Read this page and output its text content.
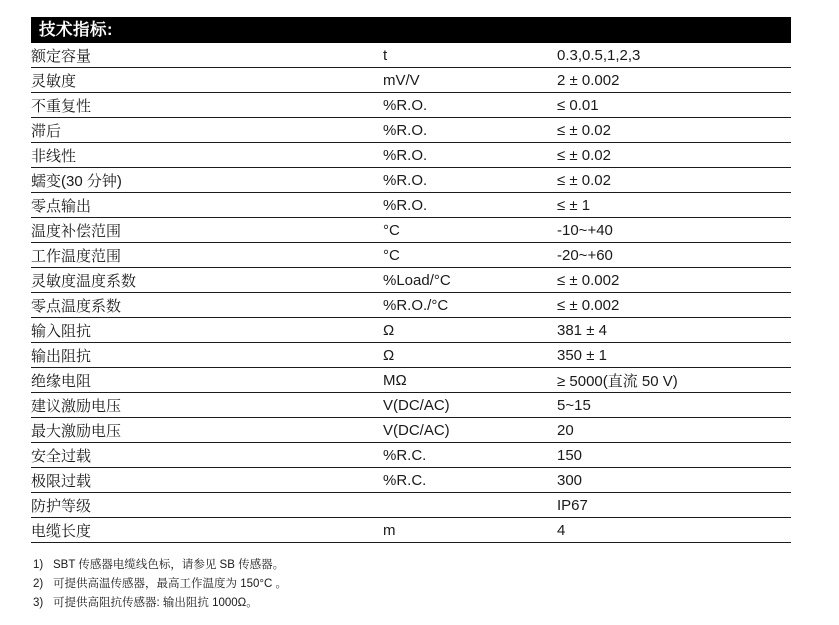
技术指标:
额定容量	t	0.3,0.5,1,2,3
灵敏度	mV/V	2 ± 0.002
不重复性	%R.O.	≤ 0.01
滞后	%R.O.	≤ ± 0.02
非线性	%R.O.	≤ ± 0.02
蠕变(30 分钟)	%R.O.	≤ ± 0.02
零点输出	%R.O.	≤ ± 1
温度补偿范围	°C	-10~+40
工作温度范围	°C	-20~+60
灵敏度温度系数	%Load/°C	≤ ± 0.002
零点温度系数	%R.O./°C	≤ ± 0.002
输入阻抗	Ω	381 ± 4
输出阻抗	Ω	350 ± 1
绝缘电阻	MΩ	≥ 5000(直流 50 V)
建议激励电压	V(DC/AC)	5~15
最大激励电压	V(DC/AC)	20
安全过载	%R.C.	150
极限过载	%R.C.	300
防护等级		IP67
电缆长度	m	4
1) SBT 传感器电缆线色标，请参见 SB 传感器。
2) 可提供高温传感器，最高工作温度为 150°C 。
3) 可提供高阻抗传感器: 输出阻抗 1000Ω。
